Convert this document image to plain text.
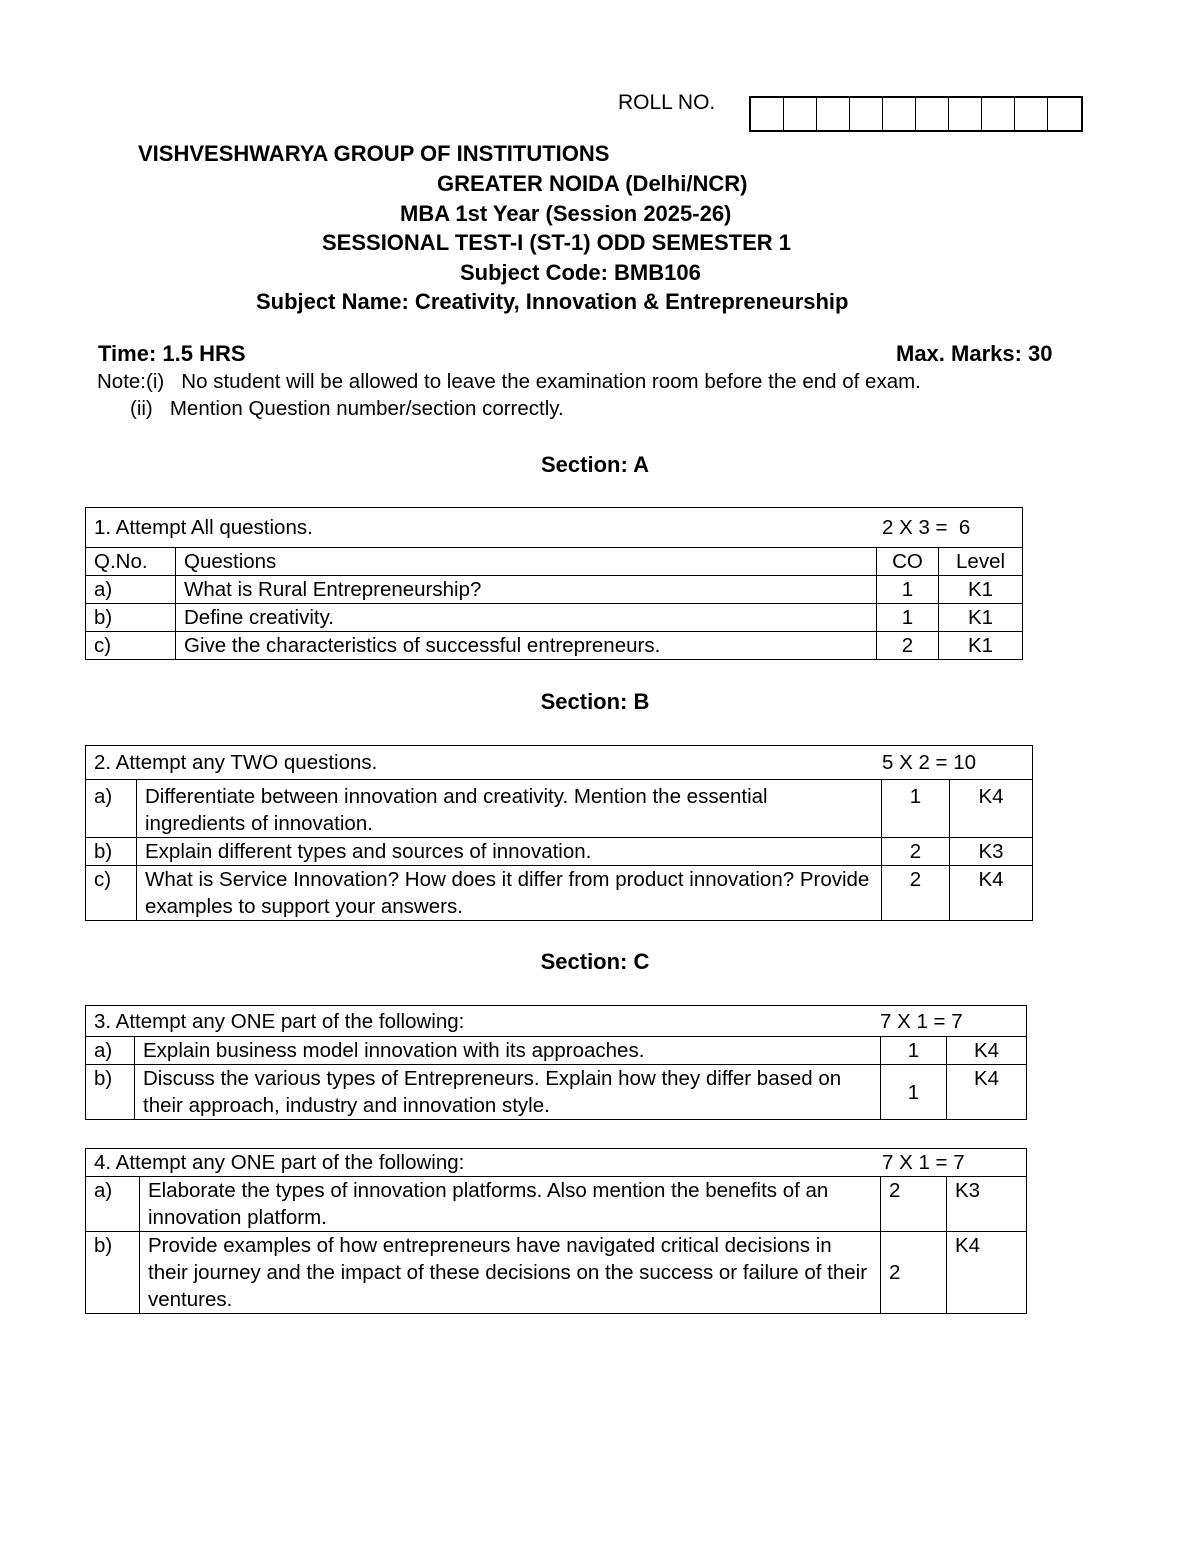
ROLL NO.
VISHVESHWARYA GROUP OF INSTITUTIONS
GREATER NOIDA (Delhi/NCR)
MBA 1st Year (Session 2025-26)
SESSIONAL TEST-I (ST-1) ODD SEMESTER 1
Subject Code: BMB106
Subject Name: Creativity, Innovation & Entrepreneurship
Time: 1.5 HRS	Max. Marks: 30
Note:(i)   No student will be allowed to leave the examination room before the end of exam.
(ii)   Mention Question number/section correctly.
Section: A
1. Attempt All questions. 2 X 3 =  6			

Q.No.	Questions	CO	Level
a)	What is Rural Entrepreneurship?	1	K1
b)	Define creativity.	1	K1
c)	Give the characteristics of successful entrepreneurs.	2	K1
Section: B
2. Attempt any TWO questions. 5 X 2 = 10			

a)	Differentiate between innovation and creativity. Mention the essential ingredients of innovation.	1	K4
b)	Explain different types and sources of innovation.	2	K3
c)	What is Service Innovation? How does it differ from product innovation? Provide examples to support your answers.	2	K4
Section: C
3. Attempt any ONE part of the following: 7 X 1 = 7			

a)	Explain business model innovation with its approaches.	1	K4
b)	Discuss the various types of Entrepreneurs. Explain how they differ based on their approach, industry and innovation style.	1	K4
4. Attempt any ONE part of the following: 7 X 1 = 7			

a)	Elaborate the types of innovation platforms. Also mention the benefits of an innovation platform.	2	K3
b)	Provide examples of how entrepreneurs have navigated critical decisions in their journey and the impact of these decisions on the success or failure of their ventures.	2	K4
